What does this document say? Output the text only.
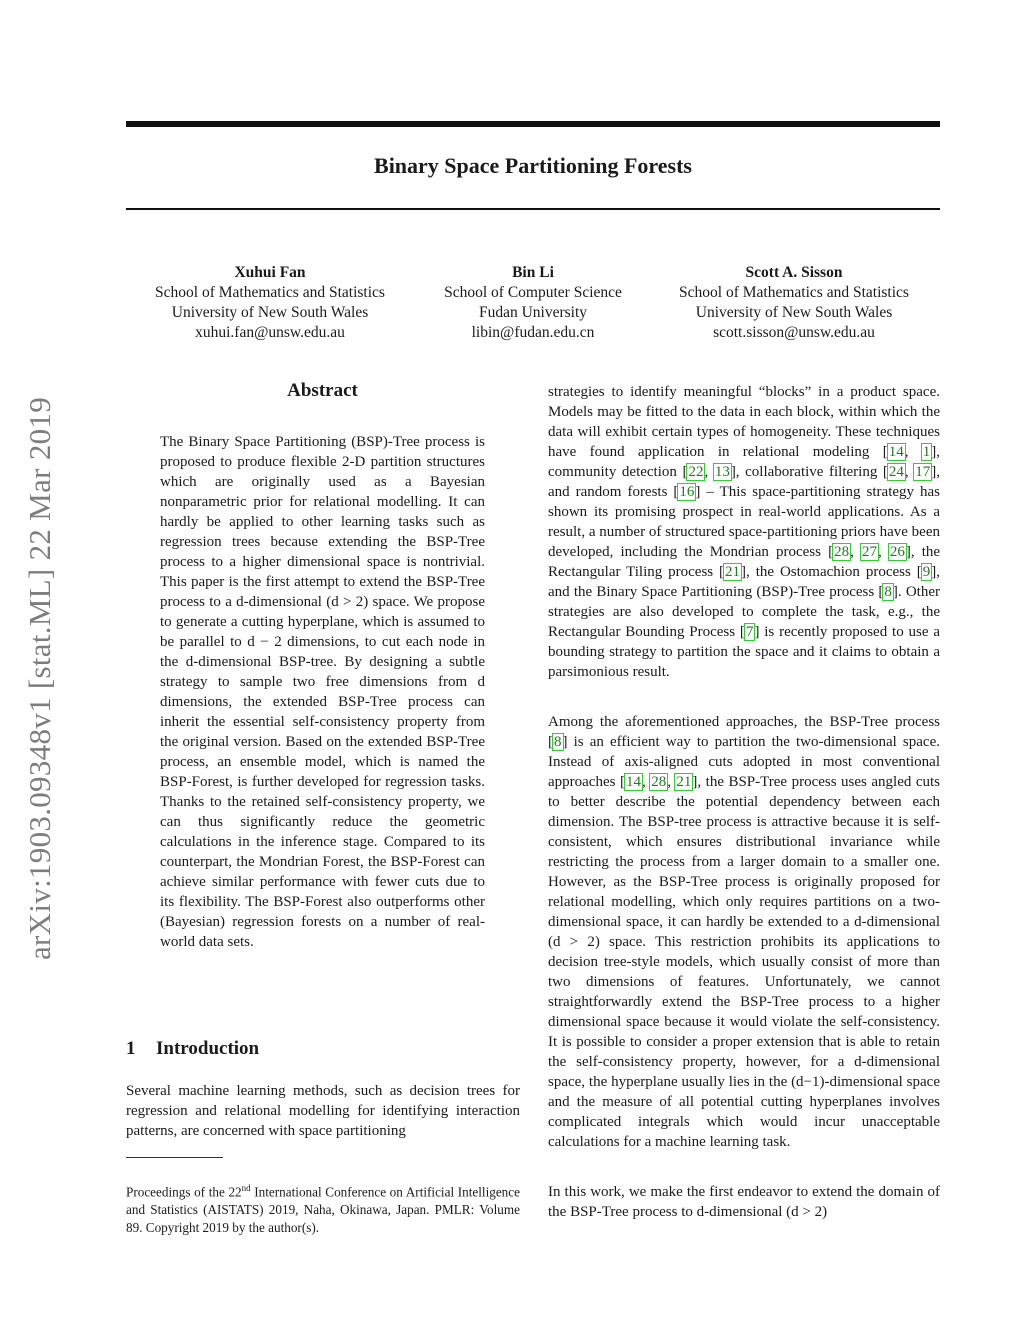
arXiv:1903.09348v1 [stat.ML] 22 Mar 2019
Binary Space Partitioning Forests
Xuhui Fan
School of Mathematics and Statistics
University of New South Wales
xuhui.fan@unsw.edu.au
Bin Li
School of Computer Science
Fudan University
libin@fudan.edu.cn
Scott A. Sisson
School of Mathematics and Statistics
University of New South Wales
scott.sisson@unsw.edu.au
Abstract
The Binary Space Partitioning (BSP)-Tree process is proposed to produce flexible 2-D partition structures which are originally used as a Bayesian nonparametric prior for relational modelling. It can hardly be applied to other learning tasks such as regression trees because extending the BSP-Tree process to a higher dimensional space is nontrivial. This paper is the first attempt to extend the BSP-Tree process to a d-dimensional (d > 2) space. We propose to generate a cutting hyperplane, which is assumed to be parallel to d − 2 dimensions, to cut each node in the d-dimensional BSP-tree. By designing a subtle strategy to sample two free dimensions from d dimensions, the extended BSP-Tree process can inherit the essential self-consistency property from the original version. Based on the extended BSP-Tree process, an ensemble model, which is named the BSP-Forest, is further developed for regression tasks. Thanks to the retained self-consistency property, we can thus significantly reduce the geometric calculations in the inference stage. Compared to its counterpart, the Mondrian Forest, the BSP-Forest can achieve similar performance with fewer cuts due to its flexibility. The BSP-Forest also outperforms other (Bayesian) regression forests on a number of real-world data sets.
1 Introduction
Several machine learning methods, such as decision trees for regression and relational modelling for identifying interaction patterns, are concerned with space partitioning
Proceedings of the 22nd International Conference on Artificial Intelligence and Statistics (AISTATS) 2019, Naha, Okinawa, Japan. PMLR: Volume 89. Copyright 2019 by the author(s).
strategies to identify meaningful “blocks” in a product space. Models may be fitted to the data in each block, within which the data will exhibit certain types of homogeneity. These techniques have found application in relational modeling [14, 1], community detection [22, 13], collaborative filtering [24, 17], and random forests [16] – This space-partitioning strategy has shown its promising prospect in real-world applications. As a result, a number of structured space-partitioning priors have been developed, including the Mondrian process [28, 27, 26], the Rectangular Tiling process [21], the Ostomachion process [9], and the Binary Space Partitioning (BSP)-Tree process [8]. Other strategies are also developed to complete the task, e.g., the Rectangular Bounding Process [7] is recently proposed to use a bounding strategy to partition the space and it claims to obtain a parsimonious result.
Among the aforementioned approaches, the BSP-Tree process [8] is an efficient way to partition the two-dimensional space. Instead of axis-aligned cuts adopted in most conventional approaches [14, 28, 21], the BSP-Tree process uses angled cuts to better describe the potential dependency between each dimension. The BSP-tree process is attractive because it is self-consistent, which ensures distributional invariance while restricting the process from a larger domain to a smaller one. However, as the BSP-Tree process is originally proposed for relational modelling, which only requires partitions on a two-dimensional space, it can hardly be extended to a d-dimensional (d > 2) space. This restriction prohibits its applications to decision tree-style models, which usually consist of more than two dimensions of features. Unfortunately, we cannot straightforwardly extend the BSP-Tree process to a higher dimensional space because it would violate the self-consistency. It is possible to consider a proper extension that is able to retain the self-consistency property, however, for a d-dimensional space, the hyperplane usually lies in the (d−1)-dimensional space and the measure of all potential cutting hyperplanes involves complicated integrals which would incur unacceptable calculations for a machine learning task.
In this work, we make the first endeavor to extend the domain of the BSP-Tree process to d-dimensional (d > 2)
